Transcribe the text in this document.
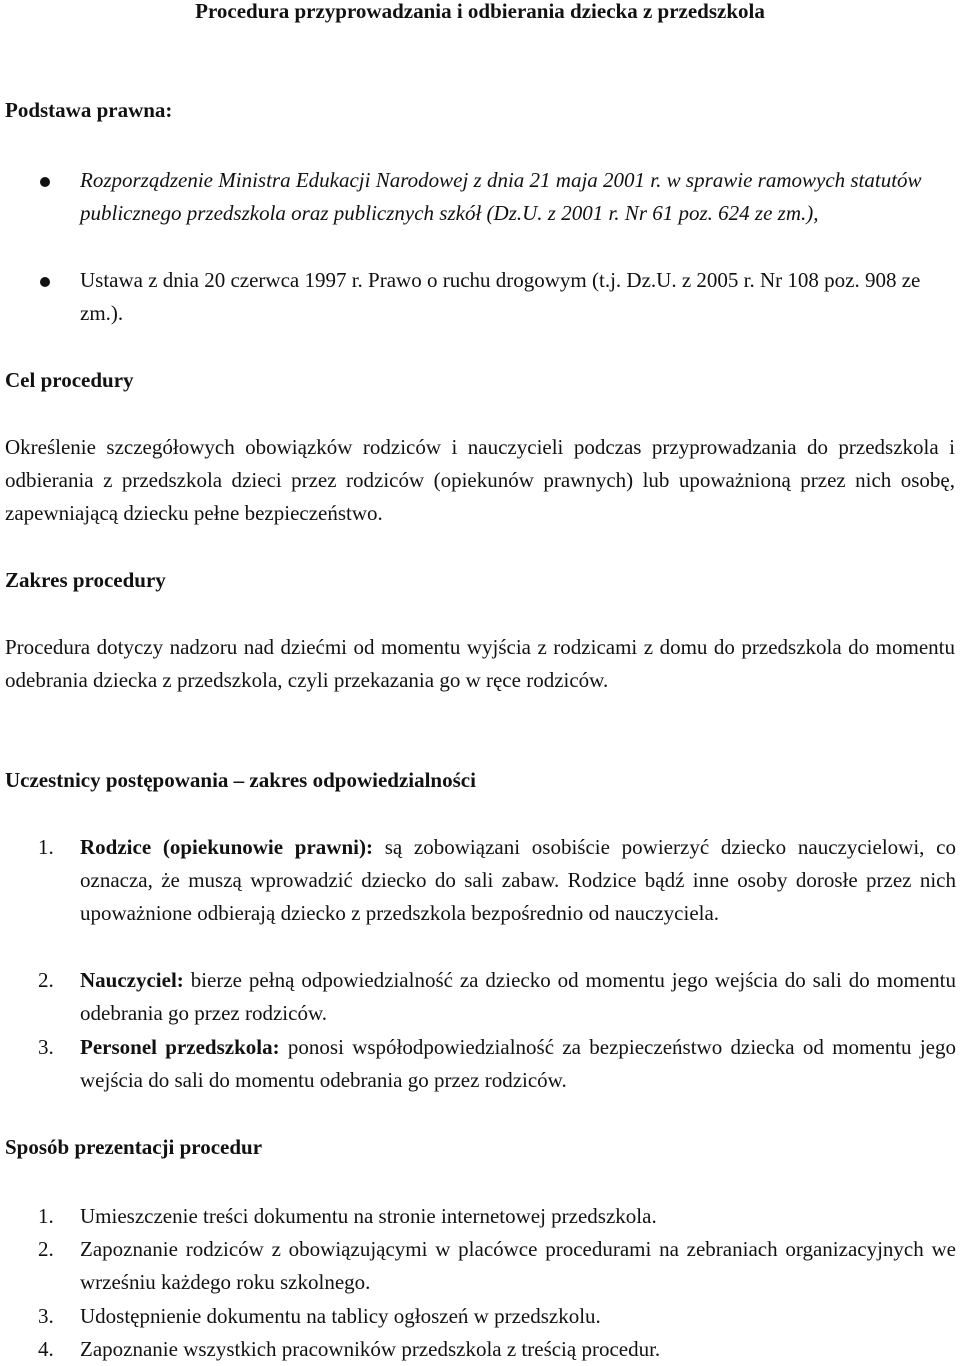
Procedura przyprowadzania i odbierania dziecka z przedszkola
Podstawa prawna:
Rozporządzenie Ministra Edukacji Narodowej z dnia 21 maja 2001 r. w sprawie ramowych statutów publicznego przedszkola oraz publicznych szkół (Dz.U. z 2001 r. Nr 61 poz. 624 ze zm.),
Ustawa z dnia 20 czerwca 1997 r. Prawo o ruchu drogowym (t.j. Dz.U. z 2005 r. Nr 108 poz. 908 ze zm.).
Cel procedury
Określenie szczegółowych obowiązków rodziców i nauczycieli podczas przyprowadzania do przedszkola i odbierania z przedszkola dzieci przez rodziców (opiekunów prawnych) lub upoważnioną przez nich osobę, zapewniającą dziecku pełne bezpieczeństwo.
Zakres procedury
Procedura dotyczy nadzoru nad dziećmi od momentu wyjścia z rodzicami z domu do przedszkola do momentu odebrania dziecka z przedszkola, czyli przekazania go w ręce rodziców.
Uczestnicy postępowania – zakres odpowiedzialności
1.	Rodzice (opiekunowie prawni): są zobowiązani osobiście powierzyć dziecko nauczycielowi, co oznacza, że muszą wprowadzić dziecko do sali zabaw. Rodzice bądź inne osoby dorosłe przez nich upoważnione odbierają dziecko z przedszkola bezpośrednio od nauczyciela.
2.	Nauczyciel: bierze pełną odpowiedzialność za dziecko od momentu jego wejścia do sali do momentu odebrania go przez rodziców.
3.	Personel przedszkola: ponosi współodpowiedzialność za bezpieczeństwo dziecka od momentu jego wejścia do sali do momentu odebrania go przez rodziców.
Sposób prezentacji procedur
1.	Umieszczenie treści dokumentu na stronie internetowej przedszkola.
2.	Zapoznanie rodziców z obowiązującymi w placówce procedurami na zebraniach organizacyjnych we wrześniu każdego roku szkolnego.
3.	Udostępnienie dokumentu na tablicy ogłoszeń w przedszkolu.
4.	Zapoznanie wszystkich pracowników przedszkola z treścią procedur.
